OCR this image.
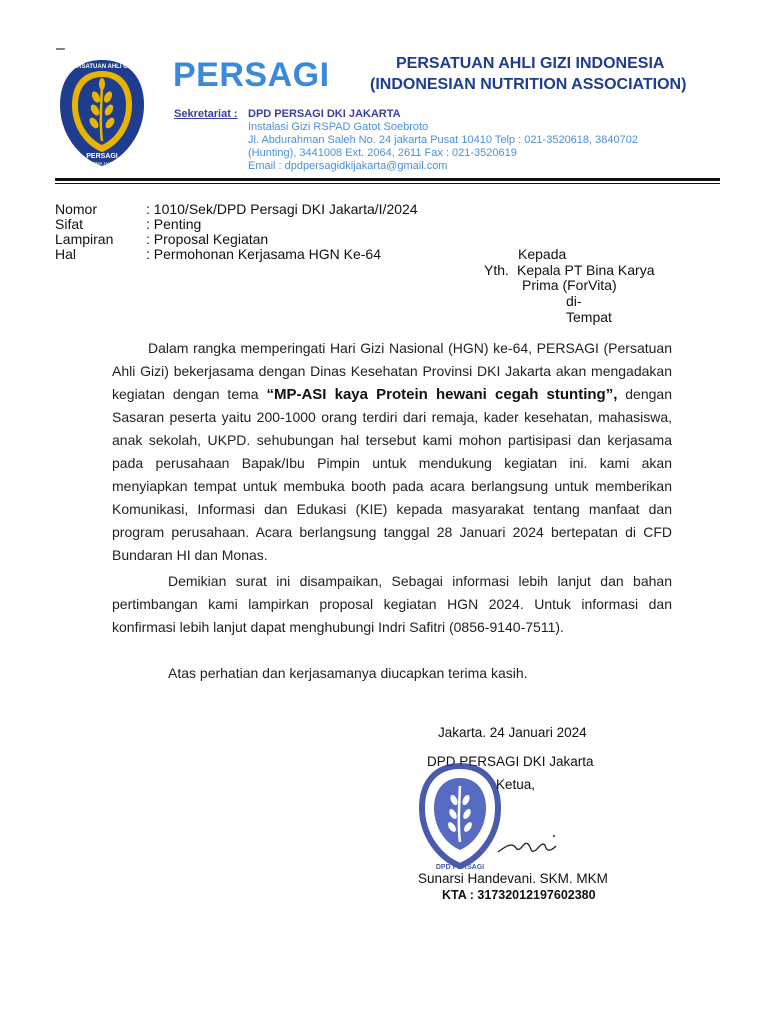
–
PERSATUAN AHLI GIZI
PERSAGI
DARMA HARDI
PERSAGI	PERSATUAN AHLI GIZI INDONESIA
(INDONESIAN NUTRITION ASSOCIATION)
Sekretariat : DPD PERSAGI DKI JAKARTA
Instalasi Gizi RSPAD Gatot Soebroto
Jl. Abdurahman Saleh No. 24 jakarta Pusat 10410 Telp : 021-3520618, 3840702
(Hunting), 3441008 Ext. 2064, 2611 Fax : 021-3520619
Email : dpdpersagidkijakarta@gmail.com
Nomor	: 1010/Sek/DPD Persagi DKI Jakarta/I/2024
Sifat	: Penting
Lampiran : Proposal Kegiatan
Hal	: Permohonan Kerjasama HGN Ke-64	Kepada
Yth. Kepala PT Bina Karya
Prima (ForVita)
di-
Tempat
Dalam rangka memperingati Hari Gizi Nasional (HGN) ke-64, PERSAGI (Persatuan Ahli Gizi) bekerjasama dengan Dinas Kesehatan Provinsi DKI Jakarta akan mengadakan kegiatan dengan tema “MP-ASI kaya Protein hewani cegah stunting”, dengan Sasaran peserta yaitu 200-1000 orang terdiri dari remaja, kader kesehatan, mahasiswa, anak sekolah, UKPD. sehubungan hal tersebut kami mohon partisipasi dan kerjasama pada perusahaan Bapak/Ibu Pimpin untuk mendukung kegiatan ini. kami akan menyiapkan tempat untuk membuka booth pada acara berlangsung untuk memberikan Komunikasi, Informasi dan Edukasi (KIE) kepada masyarakat tentang manfaat dan program perusahaan. Acara berlangsung tanggal 28 Januari 2024 bertepatan di CFD Bundaran HI dan Monas.
Demikian surat ini disampaikan, Sebagai informasi lebih lanjut dan bahan pertimbangan kami lampirkan proposal kegiatan HGN 2024. Untuk informasi dan konfirmasi lebih lanjut dapat menghubungi Indri Safitri (0856-9140-7511).
Atas perhatian dan kerjasamanya diucapkan terima kasih.
Jakarta. 24 Januari 2024
DPD PERSAGI DKI Jakarta
DPD PERSAGI
Ketua,
Sunarsi Handevani. SKM. MKM
KTA : 31732012197602380
